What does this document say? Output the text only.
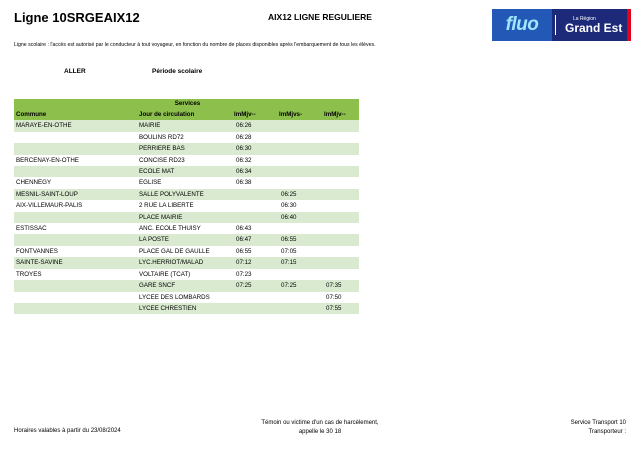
Ligne 10SRGEAIX12	AIX12 LIGNE REGULIERE	fluo	La Région
Grand Est
Ligne scolaire : l'accès est autorisé par le conducteur à tout voyageur, en fonction du nombre de places disponibles après l'embarquement de tous les élèves.
ALLER	Période scolaire
Services				
Commune	Jour de circulation	lmMjv--	lmMjvs-	lmMjv--
MARAYE-EN-OTHE	MAIRIE	06:26		
	BOULINS RD72	06:28		
	PERRIERE BAS	06:30		
BERCENAY-EN-OTHE	CONCISE RD23	06:32		
	ECOLE MAT	06:34		
CHENNEGY	EGLISE	06:38		
MESNIL-SAINT-LOUP	SALLE POLYVALENTE		06:25	
AIX-VILLEMAUR-PALIS	2 RUE LA LIBERTE		06:30	
	PLACE MAIRIE		06:40	
ESTISSAC	ANC. ECOLE THUISY	06:43		
	LA POSTE	06:47	06:55	
FONTVANNES	PLACE GAL DE GAULLE	06:55	07:05	
SAINTE-SAVINE	LYC.HERRIOT/MALAD	07:12	07:15	
TROYES	VOLTAIRE (TCAT)	07:23		
	GARE SNCF	07:25	07:25	07:35
	LYCEE DES LOMBARDS			07:50
	LYCEE CHRESTIEN			07:55
Horaires valables à partir du 23/08/2024
Témoin ou victime d'un cas de harcèlement,
appelle le 30 18
Service Transport 10
Transporteur :
